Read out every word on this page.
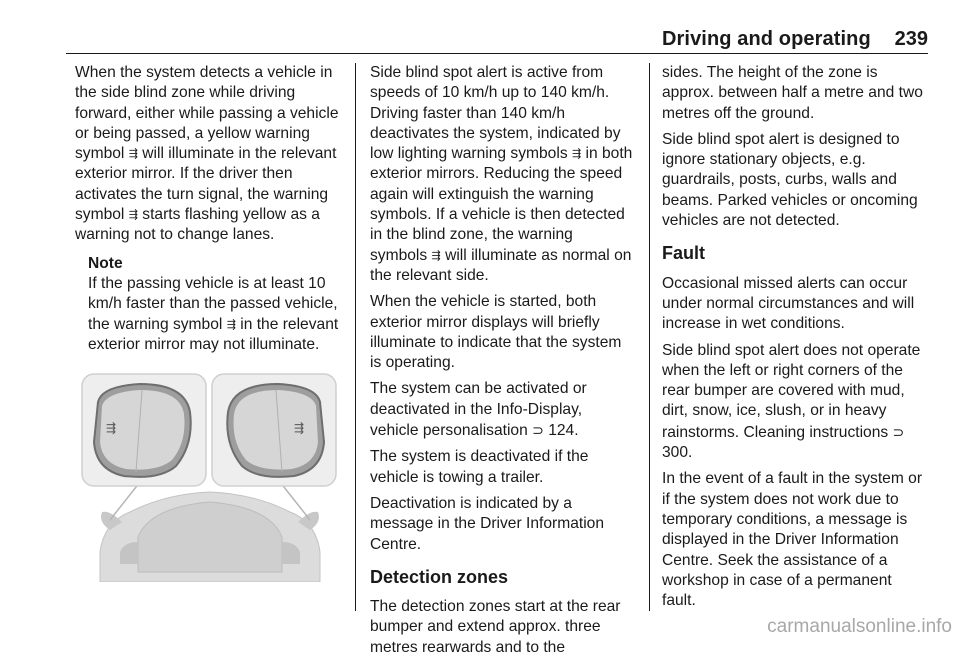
Driving and operating 239

When the system detects a vehicle in the side blind zone while driving forward, either while passing a vehicle or being passed, a yellow warning symbol ⇶ will illuminate in the relevant exterior mirror. If the driver then activates the turn signal, the warning symbol ⇶ starts flashing yellow as a warning not to change lanes.

Note
If the passing vehicle is at least 10 km/h faster than the passed vehicle, the warning symbol ⇶ in the relevant exterior mirror may not illuminate.
⇶	⇶

Side blind spot alert is active from speeds of 10 km/h up to 140 km/h. Driving faster than 140 km/h deactivates the system, indicated by low lighting warning symbols ⇶ in both exterior mirrors. Reducing the speed again will extinguish the warning symbols. If a vehicle is then detected in the blind zone, the warning symbols ⇶ will illuminate as normal on the relevant side.

When the vehicle is started, both exterior mirror displays will briefly illuminate to indicate that the system is operating.

The system can be activated or deactivated in the Info-Display, vehicle personalisation ⊃ 124.

The system is deactivated if the vehicle is towing a trailer.

Deactivation is indicated by a message in the Driver Information Centre.

Detection zones

The detection zones start at the rear bumper and extend approx. three metres rearwards and to the

sides. The height of the zone is approx. between half a metre and two metres off the ground.

Side blind spot alert is designed to ignore stationary objects, e.g. guardrails, posts, curbs, walls and beams. Parked vehicles or oncoming vehicles are not detected.

Fault

Occasional missed alerts can occur under normal circumstances and will increase in wet conditions.

Side blind spot alert does not operate when the left or right corners of the rear bumper are covered with mud, dirt, snow, ice, slush, or in heavy rainstorms. Cleaning instructions ⊃ 300.

In the event of a fault in the system or if the system does not work due to temporary conditions, a message is displayed in the Driver Information Centre. Seek the assistance of a workshop in case of a permanent fault.

carmanualsonline.info
